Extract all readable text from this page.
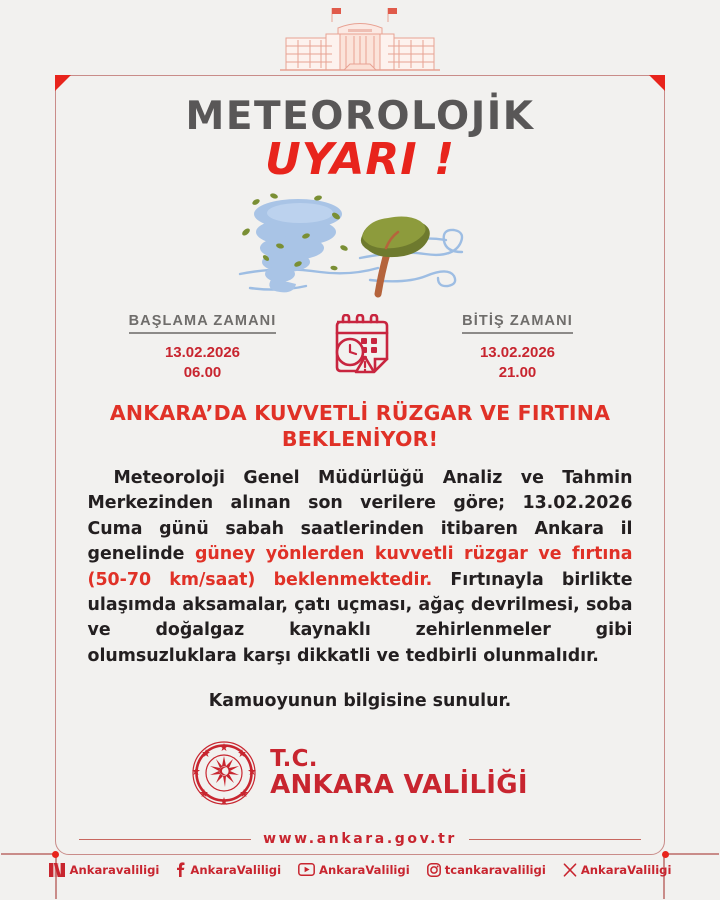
METEOROLOJİK
UYARI !
BAŞLAMA ZAMANI
13.02.2026
06.00
BİTİŞ ZAMANI
13.02.2026
21.00
ANKARA’DA KUVVETLİ RÜZGAR VE FIRTINA BEKLENİYOR!
Meteoroloji Genel Müdürlüğü Analiz ve Tahmin Merkezinden alınan son verilere göre; 13.02.2026 Cuma günü sabah saatlerinden itibaren Ankara il genelinde güney yönlerden kuvvetli rüzgar ve fırtına (50-70 km/saat) beklenmektedir. Fırtınayla birlikte ulaşımda aksamalar, çatı uçması, ağaç devrilmesi, soba ve doğalgaz kaynaklı zehirlenmeler gibi olumsuzluklara karşı dikkatli ve tedbirli olunmalıdır.
Kamuoyunun bilgisine sunulur.
T.C.
ANKARA VALİLİĞİ
www.ankara.gov.tr
Ankaravaliligi	AnkaraValiligi	AnkaraValiligi	tcankaravaliligi	AnkaraValiligi
